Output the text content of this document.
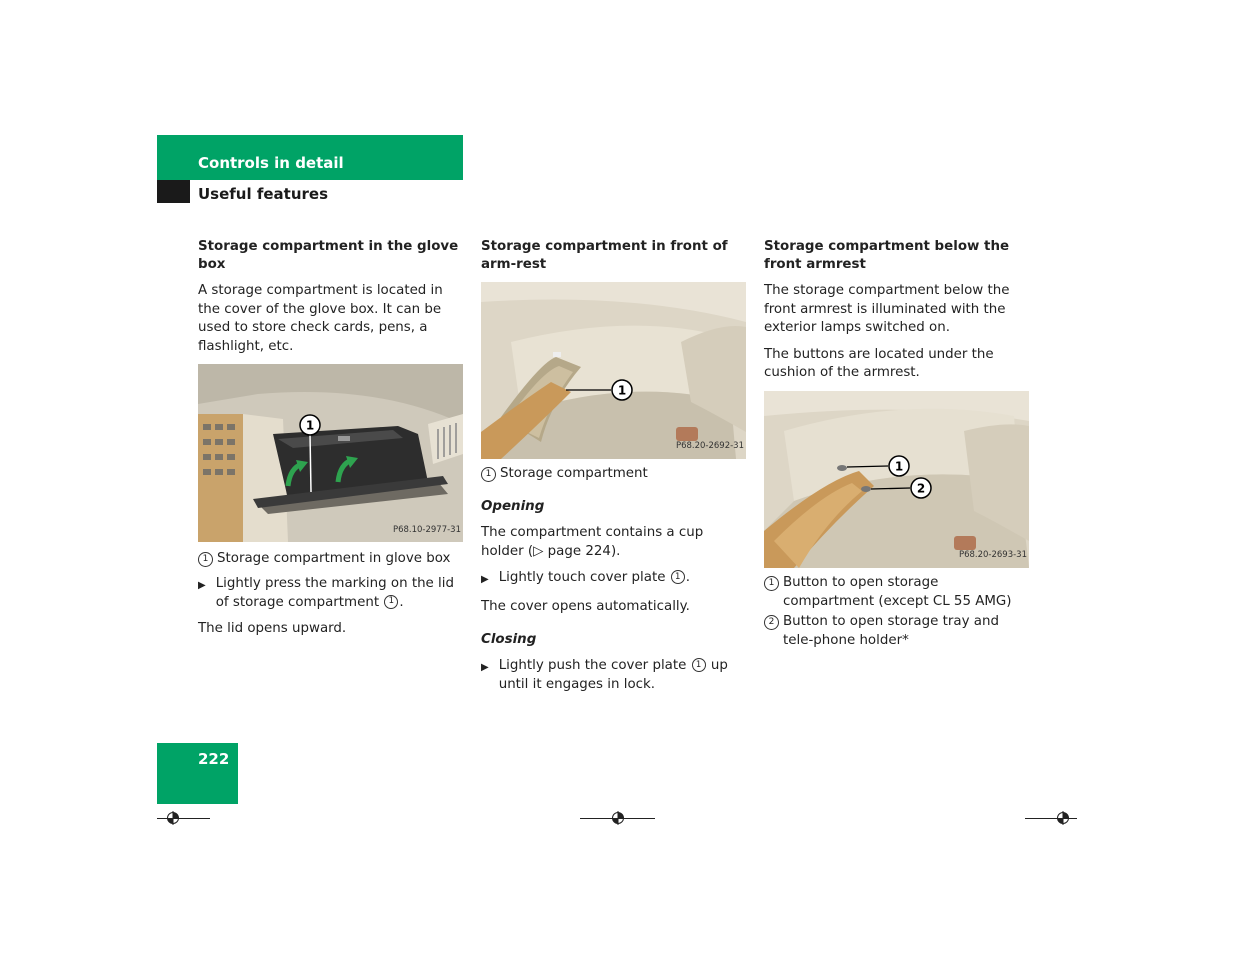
Controls in detail
Useful features
Storage compartment in the glove box

A storage compartment is located in the cover of the glove box. It can be used to store check cards, pens, a flashlight, etc.

1
P68.10-2977-31
1 Storage compartment in glove box
▶ Lightly press the marking on the lid of storage compartment 1 .

The lid opens upward.

Storage compartment in front of arm-rest
1
P68.20-2692-31
1 Storage compartment
Opening

The compartment contains a cup holder (▷ page 224).

▶ Lightly touch cover plate 1 .

The cover opens automatically.

Closing
▶ Lightly push the cover plate 1 up until it engages in lock.
Storage compartment below the front armrest

The storage compartment below the front armrest is illuminated with the exterior lamps switched on.

The buttons are located under the cushion of the armrest.

1
2
P68.20-2693-31
1 Button to open storage compartment (except CL 55 AMG)
2 Button to open storage tray and tele-phone holder*
222
